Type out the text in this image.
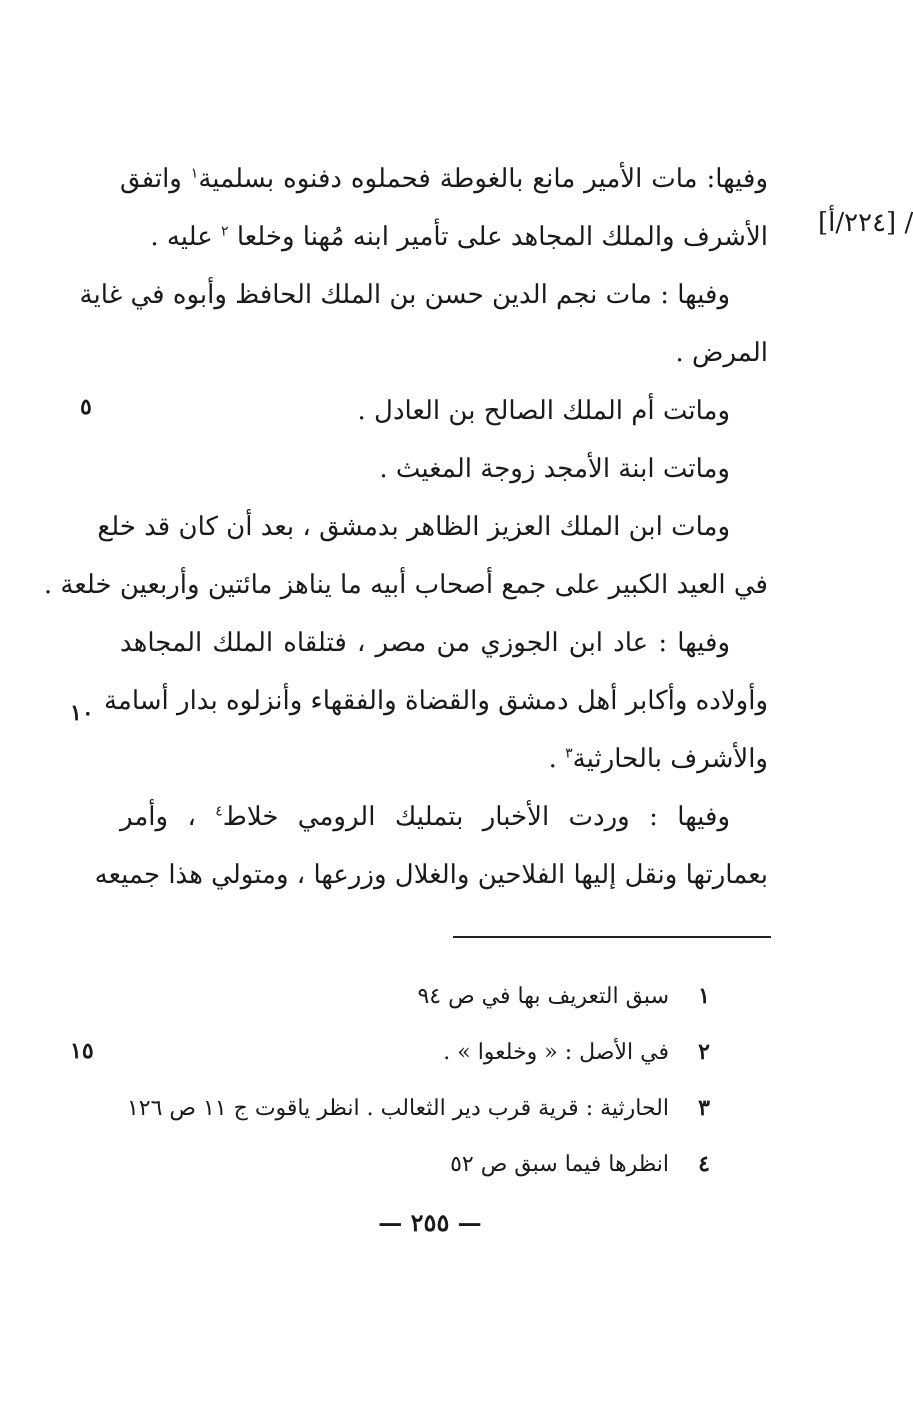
وفيها: مات الأمير مانع بالغوطة فحملوه دفنوه بسلمية$^١$ واتفق
الأشرف والملك المجاهد على تأمير ابنه مُهنا وخلعا $^٢$ عليه .
وفيها : مات نجم الدين حسن بن الملك الحافظ وأبوه في غاية
المرض .
وماتت أم الملك الصالح بن العادل .
وماتت ابنة الأمجد زوجة المغيث .
ومات ابن الملك العزيز الظاهر بدمشق ، بعد أن كان قد خلع
في العيد الكبير على جمع أصحاب أبيه ما يناهز مائتين وأربعين خلعة .
وفيها : عاد ابن الجوزي من مصر ، فتلقاه الملك المجاهد
وأولاده وأكابر أهل دمشق والقضاة والفقهاء وأنزلوه بدار أسامة
والأشرف بالحارثية$^٣$ .
وفيها : وردت الأخبار بتمليك الرومي خلاط$^٤$ ، وأمر
بعمارتها ونقل إليها الفلاحين والغلال وزرعها ، ومتولي هذا جميعه
[٢٢٤/أ] /
٥
١٠
١٥
١ سبق التعريف بها في ص ٩٤
٢ في الأصل : « وخلعوا » .
٣ الحارثية : قرية قرب دير الثعالب . انظر ياقوت ج ١١ ص ١٢٦
٤ انظرها فيما سبق ص ٥٢
— ٢٥٥ —
